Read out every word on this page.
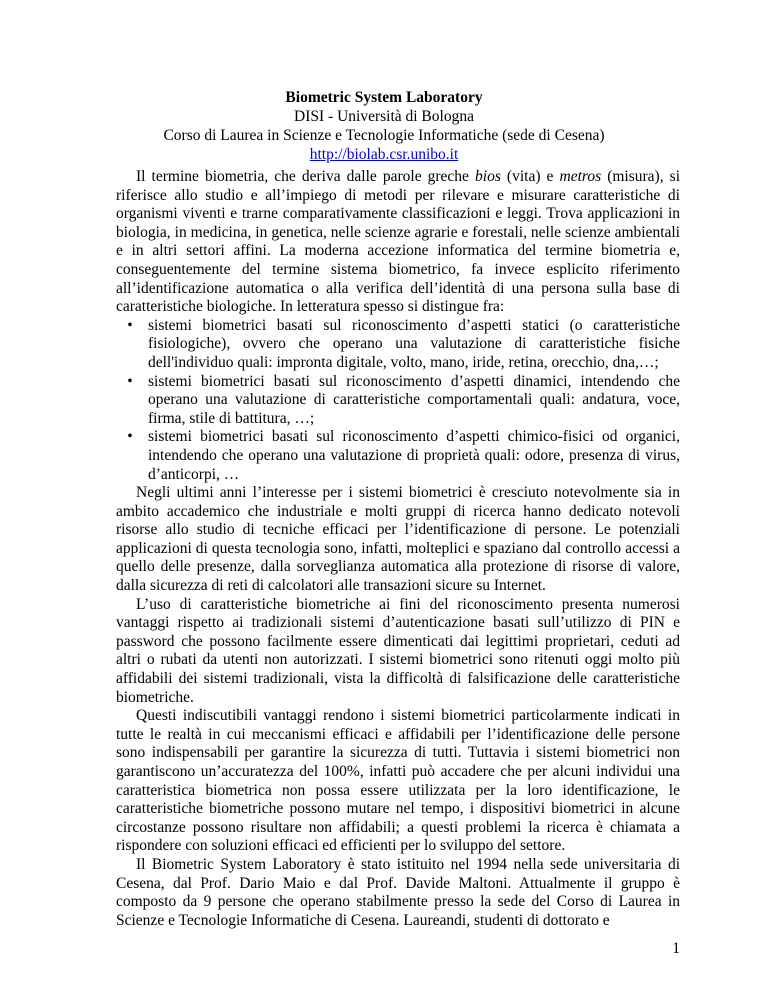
Biometric System Laboratory
DISI - Università di Bologna
Corso di Laurea in Scienze e Tecnologie Informatiche (sede di Cesena)
http://biolab.csr.unibo.it

Il termine biometria, che deriva dalle parole greche bios (vita) e metros (misura), si riferisce allo studio e all’impiego di metodi per rilevare e misurare caratteristiche di organismi viventi e trarne comparativamente classificazioni e leggi. Trova applicazioni in biologia, in medicina, in genetica, nelle scienze agrarie e forestali, nelle scienze ambientali e in altri settori affini. La moderna accezione informatica del termine biometria e, conseguentemente del termine sistema biometrico, fa invece esplicito riferimento all’identificazione automatica o alla verifica dell’identità di una persona sulla base di caratteristiche biologiche. In letteratura spesso si distingue fra:

• sistemi biometrici basati sul riconoscimento d’aspetti statici (o caratteristiche fisiologiche), ovvero che operano una valutazione di caratteristiche fisiche dell'individuo quali: impronta digitale, volto, mano, iride, retina, orecchio, dna,…;
• sistemi biometrici basati sul riconoscimento d’aspetti dinamici, intendendo che operano una valutazione di caratteristiche comportamentali quali: andatura, voce, firma, stile di battitura, …;
• sistemi biometrici basati sul riconoscimento d’aspetti chimico-fisici od organici, intendendo che operano una valutazione di proprietà quali: odore, presenza di virus, d’anticorpi, …

Negli ultimi anni l’interesse per i sistemi biometrici è cresciuto notevolmente sia in ambito accademico che industriale e molti gruppi di ricerca hanno dedicato notevoli risorse allo studio di tecniche efficaci per l’identificazione di persone. Le potenziali applicazioni di questa tecnologia sono, infatti, molteplici e spaziano dal controllo accessi a quello delle presenze, dalla sorveglianza automatica alla protezione di risorse di valore, dalla sicurezza di reti di calcolatori alle transazioni sicure su Internet.

L’uso di caratteristiche biometriche ai fini del riconoscimento presenta numerosi vantaggi rispetto ai tradizionali sistemi d’autenticazione basati sull’utilizzo di PIN e password che possono facilmente essere dimenticati dai legittimi proprietari, ceduti ad altri o rubati da utenti non autorizzati. I sistemi biometrici sono ritenuti oggi molto più affidabili dei sistemi tradizionali, vista la difficoltà di falsificazione delle caratteristiche biometriche.

Questi indiscutibili vantaggi rendono i sistemi biometrici particolarmente indicati in tutte le realtà in cui meccanismi efficaci e affidabili per l’identificazione delle persone sono indispensabili per garantire la sicurezza di tutti. Tuttavia i sistemi biometrici non garantiscono un’accuratezza del 100%, infatti può accadere che per alcuni individui una caratteristica biometrica non possa essere utilizzata per la loro identificazione, le caratteristiche biometriche possono mutare nel tempo, i dispositivi biometrici in alcune circostanze possono risultare non affidabili; a questi problemi la ricerca è chiamata a rispondere con soluzioni efficaci ed efficienti per lo sviluppo del settore.

Il Biometric System Laboratory è stato istituito nel 1994 nella sede universitaria di Cesena, dal Prof. Dario Maio e dal Prof. Davide Maltoni. Attualmente il gruppo è composto da 9 persone che operano stabilmente presso la sede del Corso di Laurea in Scienze e Tecnologie Informatiche di Cesena. Laureandi, studenti di dottorato e

1
